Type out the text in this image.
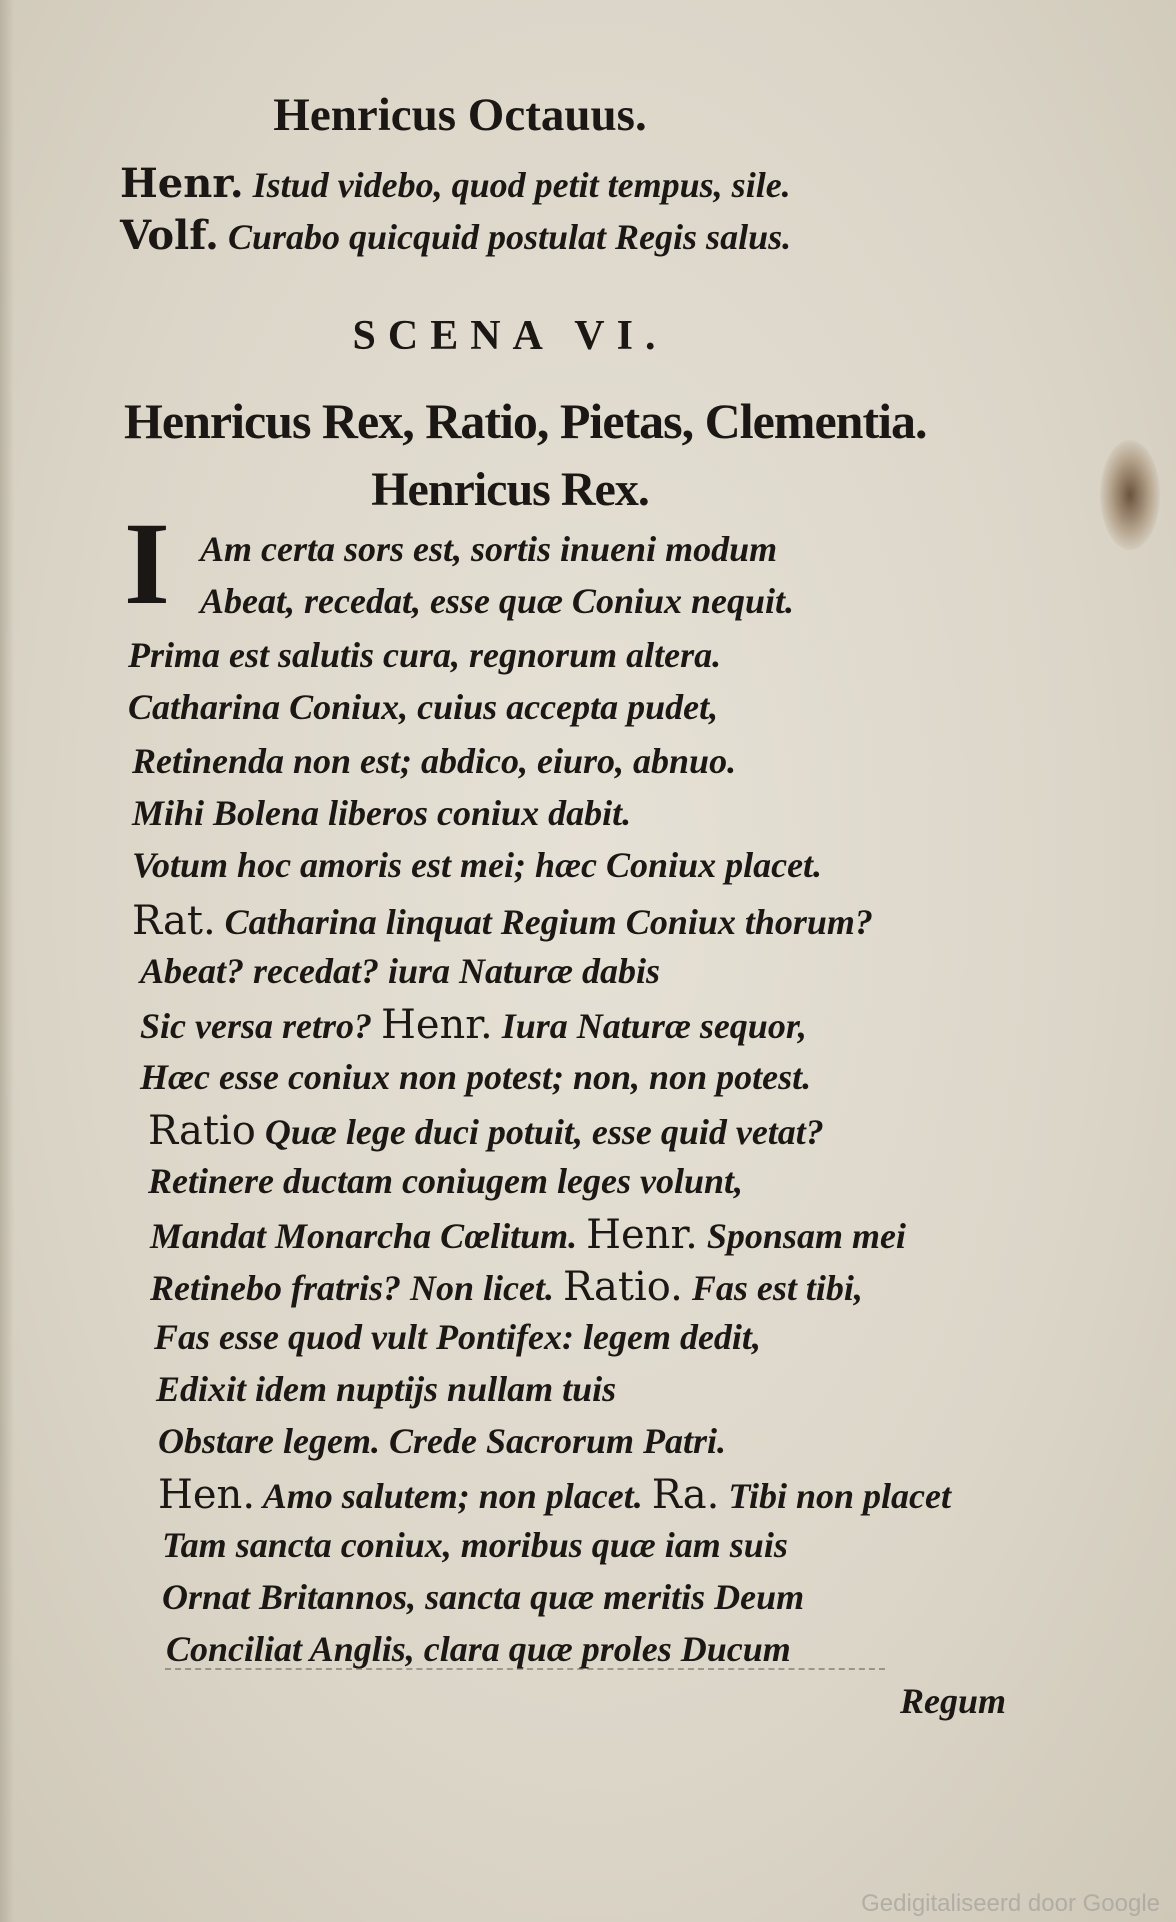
Henricus Octauus.
Henr. Istud videbo, quod petit tempus, sile.
Volf. Curabo quicquid postulat Regis salus.
SCENA VI.
Henricus Rex, Ratio, Pietas, Clementia.
Henricus Rex.
I Am certa sors est, sortis inueni modum
Abeat, recedat, esse quæ Coniux nequit.
Prima est salutis cura, regnorum altera.
Catharina Coniux, cuius accepta pudet,
Retinenda non est; abdico, eiuro, abnuo.
Mihi Bolena liberos coniux dabit.
Votum hoc amoris est mei; hæc Coniux placet.
Rat. Catharina linquat Regium Coniux thorum?
Abeat? recedat? iura Naturæ dabis
Sic versa retro? Henr. Iura Naturæ sequor,
Hæc esse coniux non potest; non, non potest.
Ratio Quæ lege duci potuit, esse quid vetat?
Retinere ductam coniugem leges volunt,
Mandat Monarcha Cœlitum. Henr. Sponsam mei
Retinebo fratris? Non licet. Ratio. Fas est tibi,
Fas esse quod vult Pontifex: legem dedit,
Edixit idem nuptijs nullam tuis
Obstare legem. Crede Sacrorum Patri.
Hen. Amo salutem; non placet. Ra. Tibi non placet
Tam sancta coniux, moribus quæ iam suis
Ornat Britannos, sancta quæ meritis Deum
Conciliat Anglis, clara quæ proles Ducum
Regum
Gedigitaliseerd door Google
